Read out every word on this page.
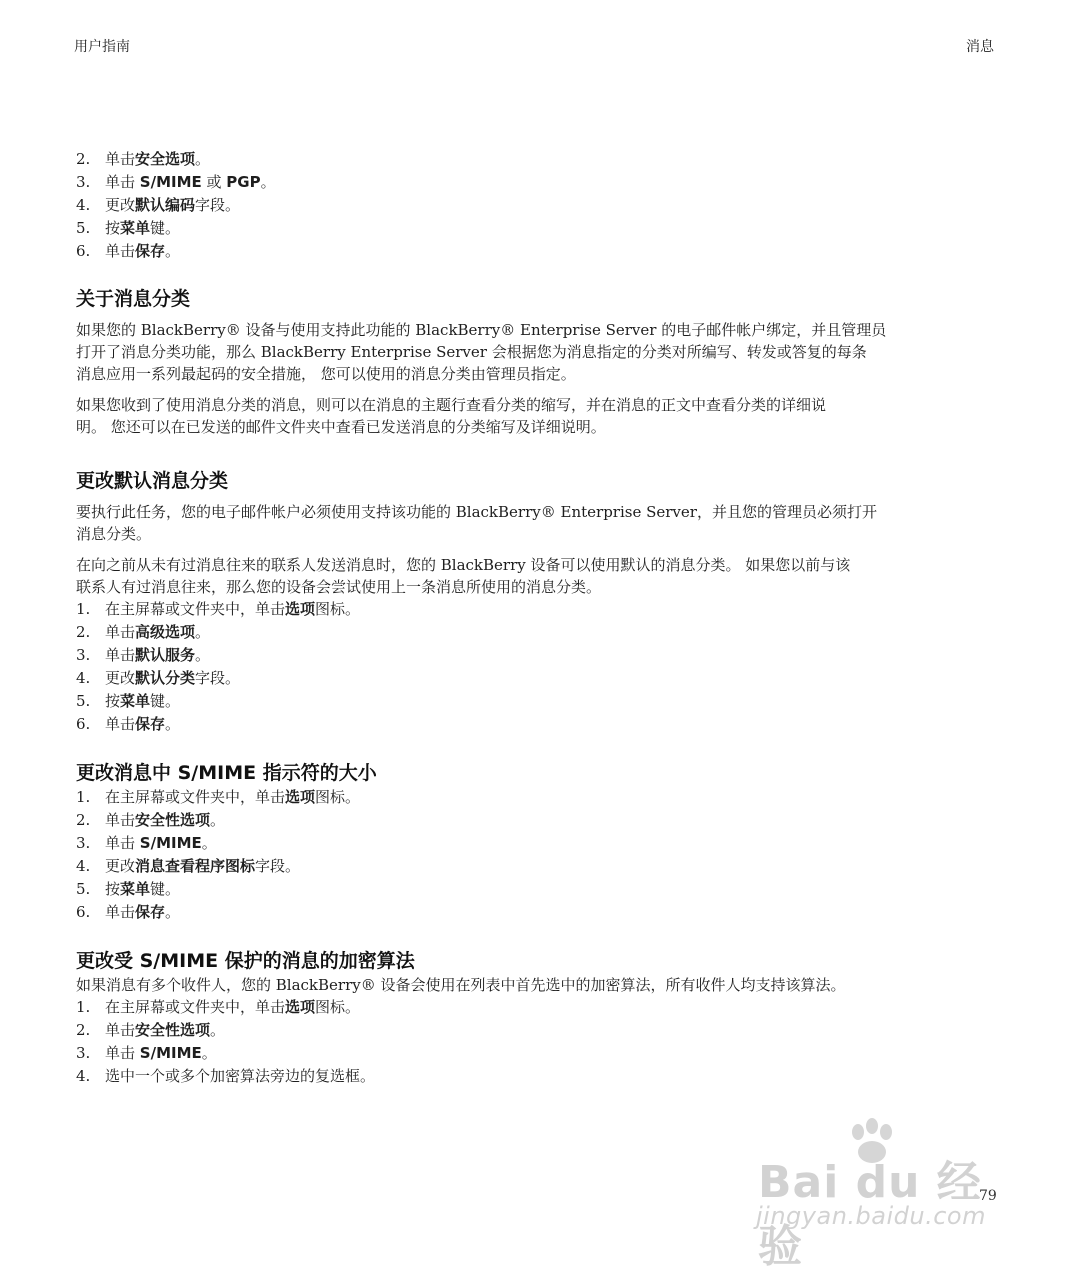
用户指南	消息
2. 单击 安全选项 。
3. 单击 S/MIME 或 PGP 。
4. 更改 默认编码 字段。
5. 按 菜单 键。
6. 单击 保存 。
关于消息分类

如果您的 BlackBerry® 设备与使用支持此功能的 BlackBerry® Enterprise Server 的电子邮件帐户绑定，并且管理员

打开了消息分类功能，那么 BlackBerry Enterprise Server 会根据您为消息指定的分类对所编写、转发或答复的每条

消息应用一系列最起码的安全措施， 您可以使用的消息分类由管理员指定。

如果您收到了使用消息分类的消息，则可以在消息的主题行查看分类的缩写，并在消息的正文中查看分类的详细说

明。 您还可以在已发送的邮件文件夹中查看已发送消息的分类缩写及详细说明。

更改默认消息分类

要执行此任务，您的电子邮件帐户必须使用支持该功能的 BlackBerry® Enterprise Server，并且您的管理员必须打开

消息分类。

在向之前从未有过消息往来的联系人发送消息时，您的 BlackBerry 设备可以使用默认的消息分类。 如果您以前与该

联系人有过消息往来，那么您的设备会尝试使用上一条消息所使用的消息分类。

1. 在主屏幕或文件夹中，单击 选项 图标。
2. 单击 高级选项 。
3. 单击 默认服务 。
4. 更改 默认分类 字段。
5. 按 菜单 键。
6. 单击 保存 。
更改消息中 S/MIME 指示符的大小
1. 在主屏幕或文件夹中，单击 选项 图标。
2. 单击 安全性选项 。
3. 单击 S/MIME 。
4. 更改 消息查看程序图标 字段。
5. 按 菜单 键。
6. 单击 保存 。
更改受 S/MIME 保护的消息的加密算法

如果消息有多个收件人，您的 BlackBerry® 设备会使用在列表中首先选中的加密算法，所有收件人均支持该算法。

1. 在主屏幕或文件夹中，单击 选项 图标。
2. 单击 安全性选项 。
3. 单击 S/MIME 。
4. 选中一个或多个加密算法旁边的复选框。
Bai du 经验
jingyan.baidu.com
79
